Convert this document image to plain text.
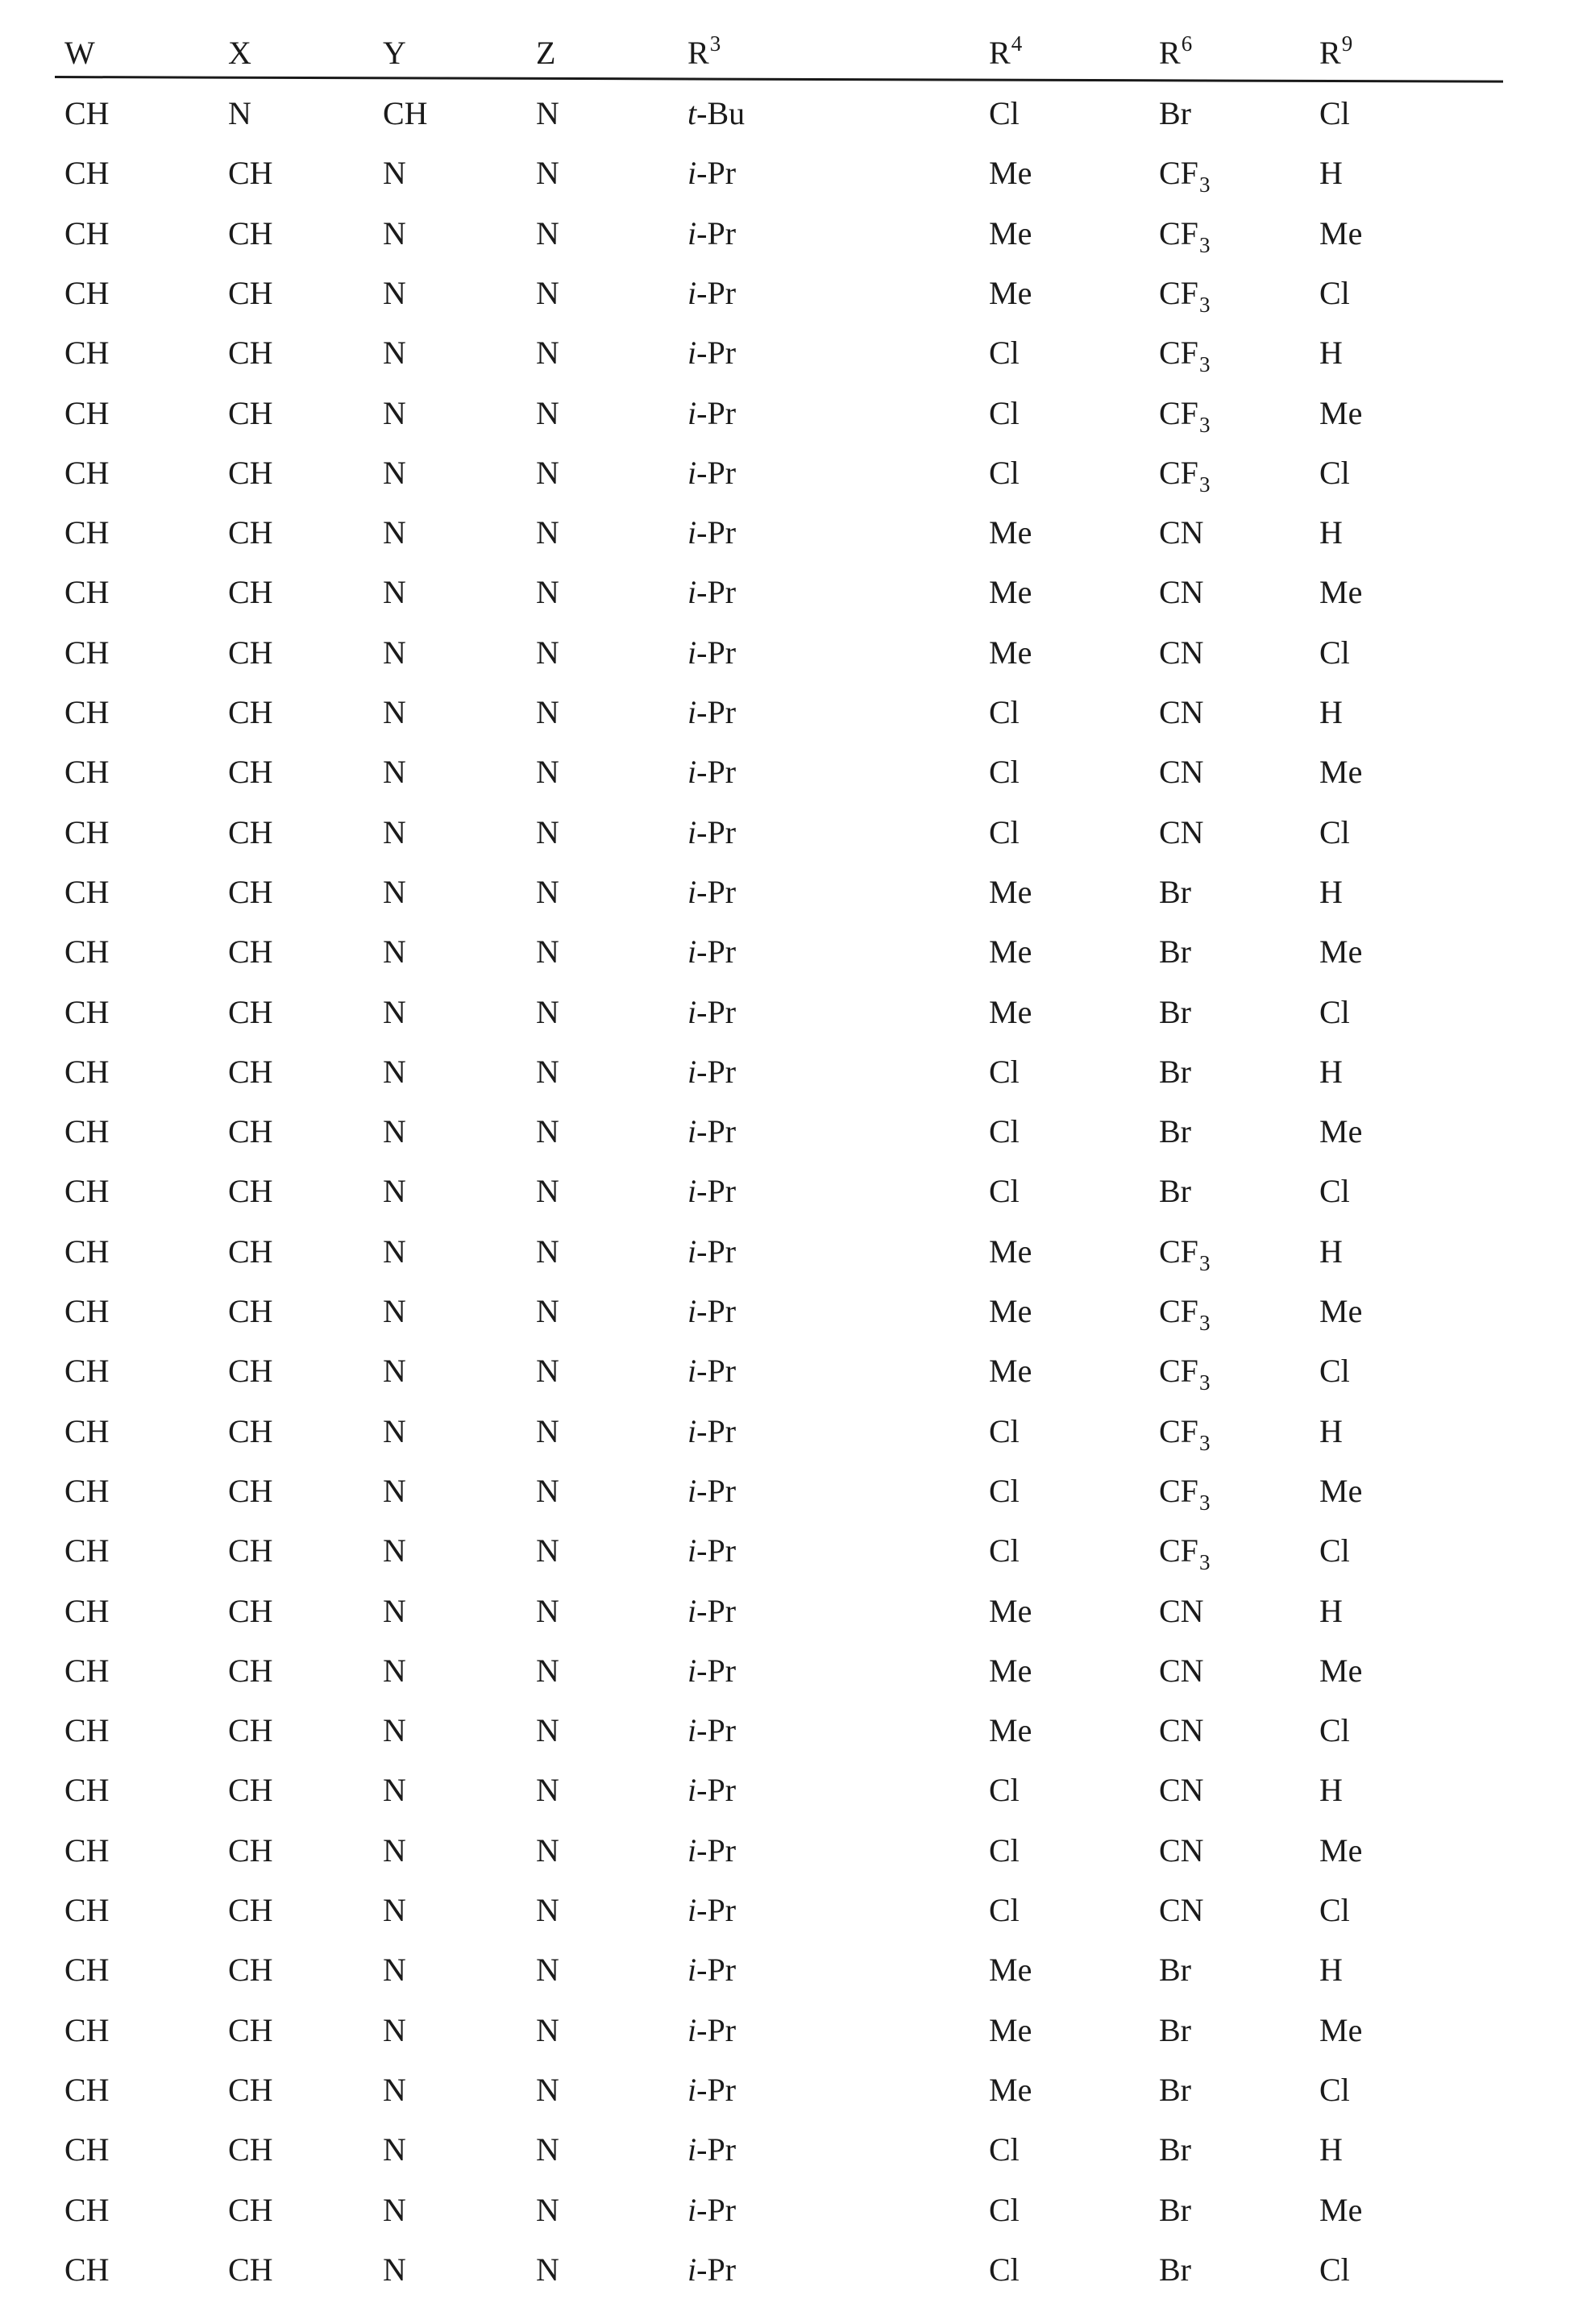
W	X	Y	Z	$R^3$	$R^4$	$R^6$	$R^9$
CH	N	CH	N	t-Bu	Cl	Br	Cl
CH	CH	N	N	i-Pr	Me	$CF_3$	H
CH	CH	N	N	i-Pr	Me	$CF_3$	Me
CH	CH	N	N	i-Pr	Me	$CF_3$	Cl
CH	CH	N	N	i-Pr	Cl	$CF_3$	H
CH	CH	N	N	i-Pr	Cl	$CF_3$	Me
CH	CH	N	N	i-Pr	Cl	$CF_3$	Cl
CH	CH	N	N	i-Pr	Me	CN	H
CH	CH	N	N	i-Pr	Me	CN	Me
CH	CH	N	N	i-Pr	Me	CN	Cl
CH	CH	N	N	i-Pr	Cl	CN	H
CH	CH	N	N	i-Pr	Cl	CN	Me
CH	CH	N	N	i-Pr	Cl	CN	Cl
CH	CH	N	N	i-Pr	Me	Br	H
CH	CH	N	N	i-Pr	Me	Br	Me
CH	CH	N	N	i-Pr	Me	Br	Cl
CH	CH	N	N	i-Pr	Cl	Br	H
CH	CH	N	N	i-Pr	Cl	Br	Me
CH	CH	N	N	i-Pr	Cl	Br	Cl
CH	CH	N	N	i-Pr	Me	$CF_3$	H
CH	CH	N	N	i-Pr	Me	$CF_3$	Me
CH	CH	N	N	i-Pr	Me	$CF_3$	Cl
CH	CH	N	N	i-Pr	Cl	$CF_3$	H
CH	CH	N	N	i-Pr	Cl	$CF_3$	Me
CH	CH	N	N	i-Pr	Cl	$CF_3$	Cl
CH	CH	N	N	i-Pr	Me	CN	H
CH	CH	N	N	i-Pr	Me	CN	Me
CH	CH	N	N	i-Pr	Me	CN	Cl
CH	CH	N	N	i-Pr	Cl	CN	H
CH	CH	N	N	i-Pr	Cl	CN	Me
CH	CH	N	N	i-Pr	Cl	CN	Cl
CH	CH	N	N	i-Pr	Me	Br	H
CH	CH	N	N	i-Pr	Me	Br	Me
CH	CH	N	N	i-Pr	Me	Br	Cl
CH	CH	N	N	i-Pr	Cl	Br	H
CH	CH	N	N	i-Pr	Cl	Br	Me
CH	CH	N	N	i-Pr	Cl	Br	Cl
